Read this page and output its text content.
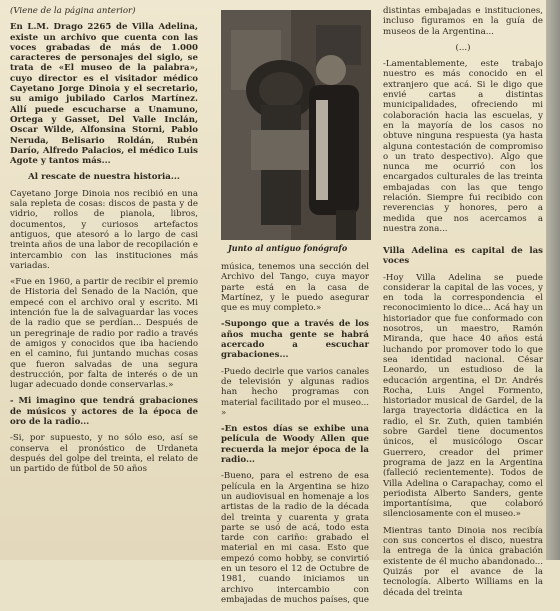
(Viene de la página anterior)

En L.M. Drago 2265 de Villa Adelina, existe un archivo que cuenta con las voces grabadas de más de 1.000 caracteres de personajes del siglo, se trata de «El museo de la palabra», cuyo director es el visitador médico Cayetano Jorge Dinoia y el secretario, su amigo jubilado Carlos Martínez. Allí puede escucharse a Unamuno, Ortega y Gasset, Del Valle Inclán, Oscar Wilde, Alfonsina Storni, Pablo Neruda, Belisario Roldán, Rubén Darío, Alfredo Palacios, el médico Luis Agote y tantos más...

Al rescate de nuestra historia...

Cayetano Jorge Dinoia nos recibió en una sala repleta de cosas: discos de pasta y de vidrio, rollos de pianola, libros, documentos, y curiosos artefactos antiguos, que atesoró a lo largo de casi treinta años de una labor de recopilación e intercambio con las instituciones más variadas.

«Fue en 1960, a partir de recibir el premio de Historia del Senado de la Nación, que empecé con el archivo oral y escrito. Mi intención fue la de salvaguardar las voces de la radio que se perdían... Después de un peregrinaje de radio por radio a través de amigos y conocidos que iba haciendo en el camino, fui juntando muchas cosas que fueron salvadas de una segura destrucción, por falta de interés o de un lugar adecuado donde conservarlas.»

- Mi imagino que tendrá grabaciones de músicos y actores de la época de oro de la radio...

-Si, por supuesto, y no sólo eso, así se conserva el pronóstico de Urdaneta después del golpe del treinta, el relato de un partido de fútbol de 50 años

Junto al antiguo fonógrafo

música, tenemos una sección del Archivo del Tango, cuya mayor parte está en la casa de Martínez, y le puedo asegurar que es muy completo.»

-Supongo que a través de los años mucha gente se habrá acercado a escuchar grabaciones...

-Puedo decirle que varios canales de televisión y algunas radios han hecho programas con material facilitado por el museo... »

-En estos días se exhibe una película de Woody Allen que recuerda la mejor época de la radio...

-Bueno, para el estreno de esa película en la Argentina se hizo un audiovisual en homenaje a los artistas de la radio de la década del treinta y cuarenta y grata parte se usó de acá, todo esta tarde con cariño: grabado el material en mi casa. Esto que empezó como hobby, se convirtió en un tesoro el 12 de Octubre de 1981, cuando iniciamos un archivo intercambio con embajadas de muchos países, que

distintas embajadas e instituciones, incluso figuramos en la guía de museos de la Argentina...

(...)

-Lamentablemente, este trabajo nuestro es más conocido en el extranjero que acá. Si le digo que envié cartas a distintas municipalidades, ofreciendo mi colaboración hacia las escuelas, y en la mayoría de los casos no obtuve ninguna respuesta (ya hasta alguna contestación de compromiso o un trato despectivo). Algo que nunca me ocurrió con los encargados culturales de las treinta embajadas con las que tengo relación. Siempre fui recibido con reverencias y honores, pero a medida que nos acercamos a nuestra zona...

Villa Adelina es capital de las voces

-Hoy Villa Adelina se puede considerar la capital de las voces, y en toda la correspondencia el reconocimiento lo dice... Acá hay un historiador que fue conformado con nosotros, un maestro, Ramón Miranda, que hace 40 años está luchando por promover todo lo que sea identidad nacional. César Leonardo, un estudioso de la educación argentina, el Dr. Andrés Rocha, Luis Angel Formento, historiador musical de Gardel, de la larga trayectoria didáctica en la radio, el Sr. Zuth, quien también sobre Gardel tiene documentos únicos, el musicólogo Oscar Guerrero, creador del primer programa de jazz en la Argentina (falleció recientemente). Todos de Villa Adelina o Carapachay, como el periodista Alberto Sanders, gente importantísima, que colaboró silenciosamente con el museo.»

Mientras tanto Dinoia nos recibía con sus concertos el disco, nuestra la entrega de la única grabación existente de él mucho abandonado... Quizás por el avance de la tecnología. Alberto Williams en la década del treinta
